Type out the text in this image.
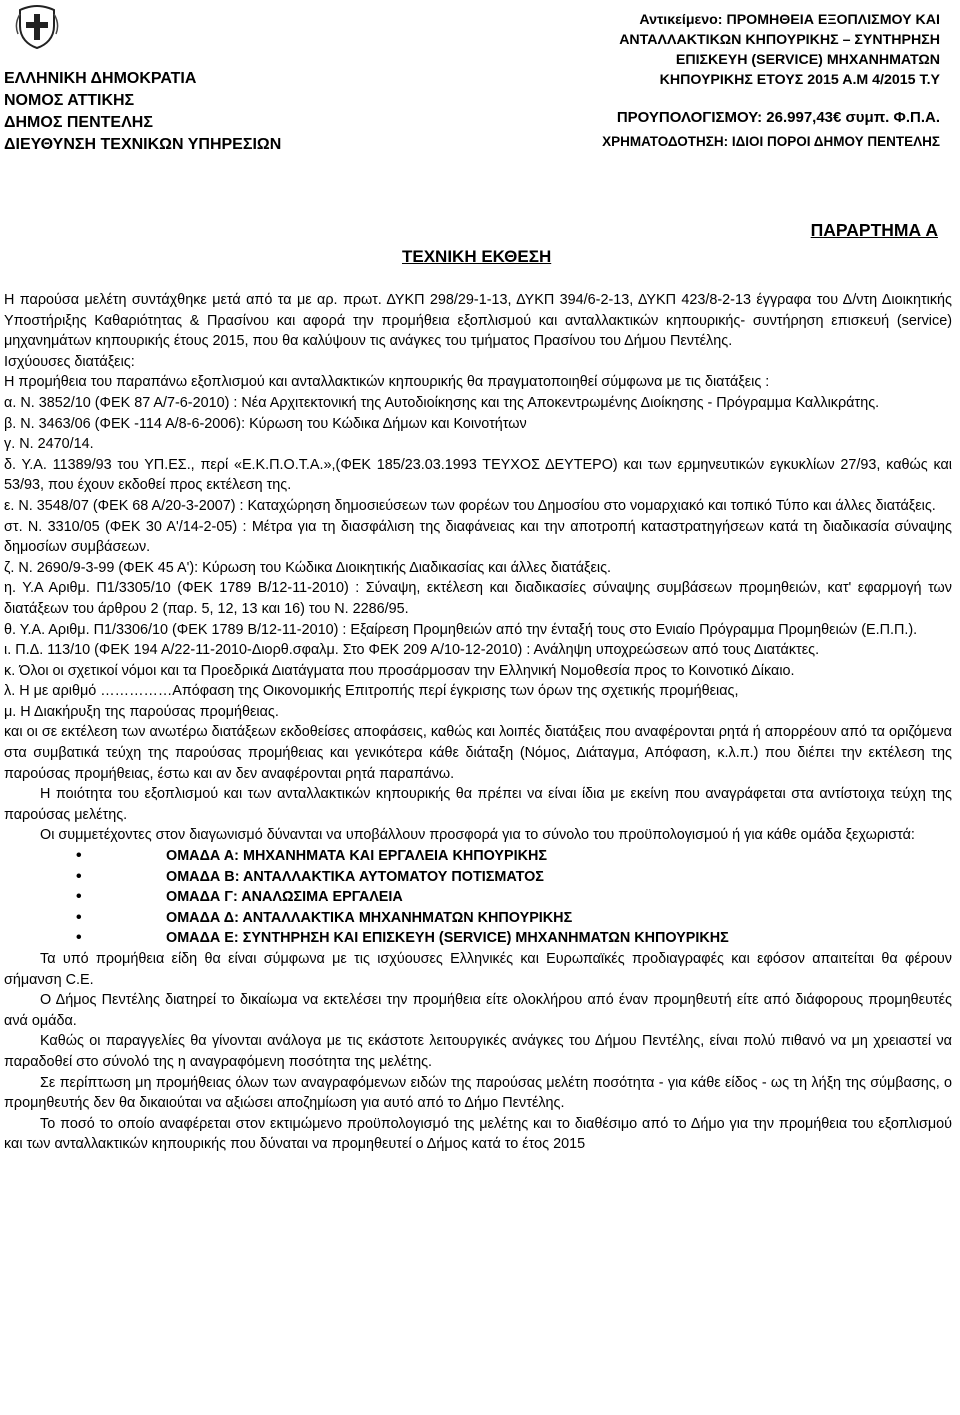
ΕΛΛΗΝΙΚΗ ΔΗΜΟΚΡΑΤΙΑ
ΝΟΜΟΣ ΑΤΤΙΚΗΣ
ΔΗΜΟΣ ΠΕΝΤΕΛΗΣ
ΔΙΕΥΘΥΝΣΗ ΤΕΧΝΙΚΩΝ ΥΠΗΡΕΣΙΩΝ
Αντικείμενο: ΠΡΟΜΗΘΕΙΑ ΕΞΟΠΛΙΣΜΟΥ ΚΑΙ
ΑΝΤΑΛΛΑΚΤΙΚΩΝ ΚΗΠΟΥΡΙΚΗΣ – ΣΥΝΤΗΡΗΣΗ
ΕΠΙΣΚΕΥΗ (SERVICE) ΜΗΧΑΝΗΜΑΤΩΝ
ΚΗΠΟΥΡΙΚΗΣ ΕΤΟΥΣ 2015 Α.Μ 4/2015 Τ.Υ
ΠΡΟΥΠΟΛΟΓΙΣΜΟΥ: 26.997,43€ συμπ. Φ.Π.Α.
ΧΡΗΜΑΤΟΔΟΤΗΣΗ: ΙΔΙΟΙ ΠΟΡΟΙ ΔΗΜΟΥ ΠΕΝΤΕΛΗΣ
ΠΑΡΑΡΤΗΜΑ Α
ΤΕΧΝΙΚΗ ΕΚΘΕΣΗ

Η παρούσα μελέτη συντάχθηκε μετά από τα με αρ. πρωτ. ΔΥΚΠ 298/29-1-13, ΔΥΚΠ 394/6-2-13, ΔΥΚΠ 423/8-2-13 έγγραφα του Δ/ντη Διοικητικής Υποστήριξης Καθαριότητας & Πρασίνου και αφορά την προμήθεια εξοπλισμού και ανταλλακτικών κηπουρικής- συντήρηση επισκευή (service) μηχανημάτων κηπουρικής έτους 2015, που θα καλύψουν τις ανάγκες του τμήματος Πρασίνου του Δήμου Πεντέλης.

Ισχύουσες διατάξεις:

Η προμήθεια του παραπάνω εξοπλισμού και ανταλλακτικών κηπουρικής θα πραγματοποιηθεί σύμφωνα με τις διατάξεις :

α. Ν. 3852/10 (ΦΕΚ 87 Α/7-6-2010) : Νέα Αρχιτεκτονική της Αυτοδιοίκησης και της Αποκεντρωμένης Διοίκησης - Πρόγραμμα Καλλικράτης.

β. Ν. 3463/06 (ΦΕΚ -114 Α/8-6-2006): Κύρωση του Κώδικα Δήμων και Κοινοτήτων

γ. Ν. 2470/14.

δ. Υ.Α. 11389/93 του ΥΠ.ΕΣ., περί «Ε.Κ.Π.Ο.Τ.Α.»,(ΦΕΚ 185/23.03.1993 ΤΕΥΧΟΣ ΔΕΥΤΕΡΟ) και των ερμηνευτικών εγκυκλίων 27/93, καθώς και 53/93, που έχουν εκδοθεί προς εκτέλεση της.

ε. Ν. 3548/07 (ΦΕΚ 68 Α/20-3-2007) : Καταχώρηση δημοσιεύσεων των φορέων του Δημοσίου στο νομαρχιακό και τοπικό Τύπο και άλλες διατάξεις.

στ. Ν. 3310/05 (ΦΕΚ 30 Α'/14-2-05) : Μέτρα για τη διασφάλιση της διαφάνειας και την αποτροπή καταστρατηγήσεων κατά τη διαδικασία σύναψης δημοσίων συμβάσεων.

ζ. Ν. 2690/9-3-99 (ΦΕΚ 45 Α'): Κύρωση του Κώδικα Διοικητικής Διαδικασίας και άλλες διατάξεις.

η. Υ.Α Αριθμ. Π1/3305/10 (ΦΕΚ 1789 Β/12-11-2010) : Σύναψη, εκτέλεση και διαδικασίες σύναψης συμβάσεων προμηθειών, κατ' εφαρμογή των διατάξεων του άρθρου 2 (παρ. 5, 12, 13 και 16) του Ν. 2286/95.

θ. Υ.Α. Αριθμ. Π1/3306/10 (ΦΕΚ 1789 Β/12-11-2010) : Εξαίρεση Προμηθειών από την ένταξή τους στο Ενιαίο Πρόγραμμα Προμηθειών (Ε.Π.Π.).

ι. Π.Δ. 113/10 (ΦΕΚ 194 Α/22-11-2010-Διορθ.σφαλμ. Στο ΦΕΚ 209 Α/10-12-2010) : Ανάληψη υποχρεώσεων από τους Διατάκτες.

κ. Όλοι οι σχετικοί νόμοι και τα Προεδρικά Διατάγματα που προσάρμοσαν την Ελληνική Νομοθεσία προς το Κοινοτικό Δίκαιο.

λ. Η με αριθμό ……………Απόφαση της Οικονομικής Επιτροπής περί έγκρισης των όρων της σχετικής προμήθειας,

μ. Η Διακήρυξη της παρούσας προμήθειας.

και οι σε εκτέλεση των ανωτέρω διατάξεων εκδοθείσες αποφάσεις, καθώς και λοιπές διατάξεις που αναφέρονται ρητά ή απορρέουν από τα οριζόμενα στα συμβατικά τεύχη της παρούσας προμήθειας και γενικότερα κάθε διάταξη (Νόμος, Διάταγμα, Απόφαση, κ.λ.π.) που διέπει την εκτέλεση της παρούσας προμήθειας, έστω και αν δεν αναφέρονται ρητά παραπάνω.

Η ποιότητα του εξοπλισμού και των ανταλλακτικών κηπουρικής θα πρέπει να είναι ίδια με εκείνη που αναγράφεται στα αντίστοιχα τεύχη της παρούσας μελέτης.

Οι συμμετέχοντες στον διαγωνισμό δύνανται να υποβάλλουν προσφορά για το σύνολο του προϋπολογισμού ή για κάθε ομάδα ξεχωριστά:

• ΟΜΑΔΑ Α: ΜΗΧΑΝΗΜΑΤΑ ΚΑΙ ΕΡΓΑΛΕΙΑ ΚΗΠΟΥΡΙΚΗΣ
• ΟΜΑΔΑ Β: ΑΝΤΑΛΛΑΚΤΙΚΑ ΑΥΤΟΜΑΤΟΥ ΠΟΤΙΣΜΑΤΟΣ
• ΟΜΑΔΑ Γ: ΑΝΑΛΩΣΙΜΑ ΕΡΓΑΛΕΙΑ
• ΟΜΑΔΑ Δ: ΑΝΤΑΛΛΑΚΤΙΚΑ ΜΗΧΑΝΗΜΑΤΩΝ ΚΗΠΟΥΡΙΚΗΣ
• ΟΜΑΔΑ Ε: ΣΥΝΤΗΡΗΣΗ ΚΑΙ ΕΠΙΣΚΕΥΗ (SERVICE) ΜΗΧΑΝΗΜΑΤΩΝ ΚΗΠΟΥΡΙΚΗΣ

Τα υπό προμήθεια είδη θα είναι σύμφωνα με τις ισχύουσες Ελληνικές και Ευρωπαϊκές προδιαγραφές και εφόσον απαιτείται θα φέρουν σήμανση C.E.

Ο Δήμος Πεντέλης διατηρεί το δικαίωμα να εκτελέσει την προμήθεια είτε ολοκλήρου από έναν προμηθευτή είτε από διάφορους προμηθευτές ανά ομάδα.

Καθώς οι παραγγελίες θα γίνονται ανάλογα με τις εκάστοτε λειτουργικές ανάγκες του Δήμου Πεντέλης, είναι πολύ πιθανό να μη χρειαστεί να παραδοθεί στο σύνολό της η αναγραφόμενη ποσότητα της μελέτης.

Σε περίπτωση μη προμήθειας όλων των αναγραφόμενων ειδών της παρούσας μελέτη ποσότητα - για κάθε είδος - ως τη λήξη της σύμβασης, ο προμηθευτής δεν θα δικαιούται να αξιώσει αποζημίωση για αυτό από το Δήμο Πεντέλης.

Το ποσό το οποίο αναφέρεται στον εκτιμώμενο προϋπολογισμό της μελέτης και το διαθέσιμο από το Δήμο για την προμήθεια του εξοπλισμού και των ανταλλακτικών κηπουρικής που δύναται να προμηθευτεί ο Δήμος κατά το έτος 2015
